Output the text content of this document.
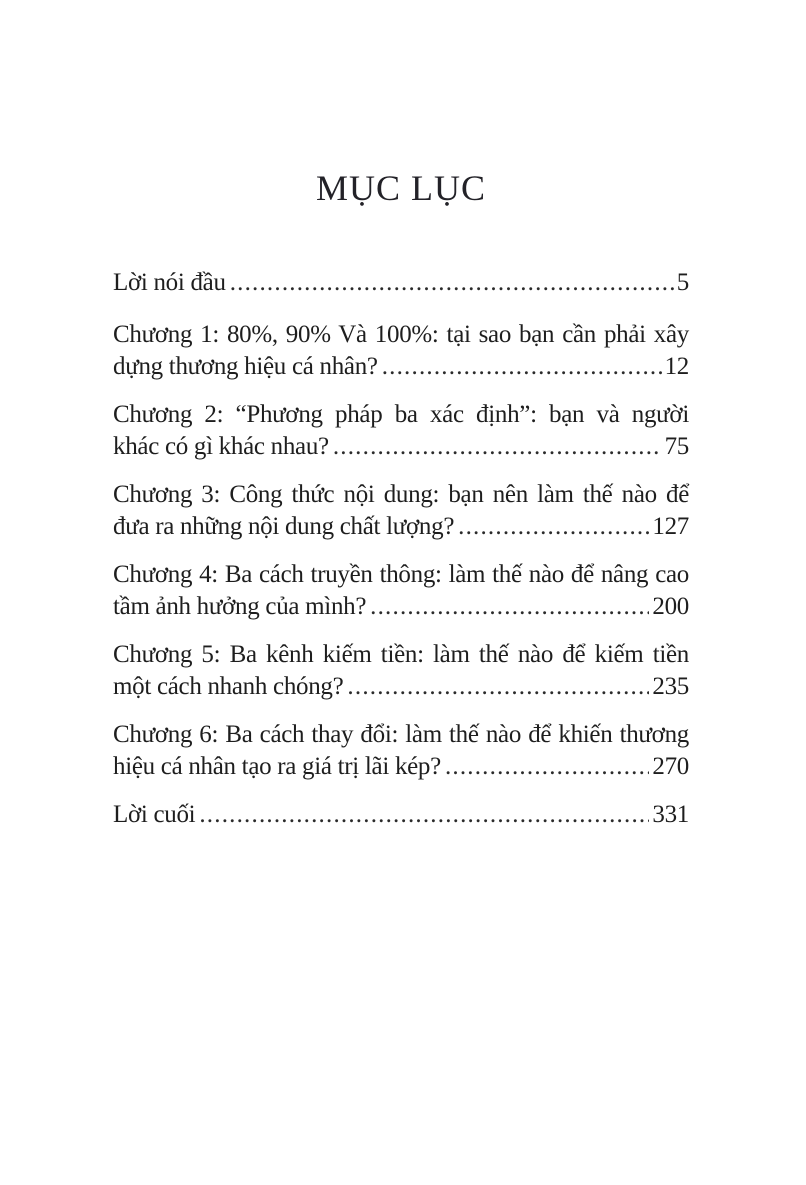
MỤC LỤC
Lời nói đầu .....	5
Chương 1: 80%, 90% Và 100%: tại sao bạn cần phải xây
dựng thương hiệu cá nhân? .....	12
Chương 2: “Phương pháp ba xác định”: bạn và người
khác có gì khác nhau? .....	75
Chương 3: Công thức nội dung: bạn nên làm thế nào để
đưa ra những nội dung chất lượng? .....	127
Chương 4: Ba cách truyền thông: làm thế nào để nâng cao
tầm ảnh hưởng của mình? .....	200
Chương 5: Ba kênh kiếm tiền: làm thế nào để kiếm tiền
một cách nhanh chóng? .....	235
Chương 6: Ba cách thay đổi: làm thế nào để khiến thương
hiệu cá nhân tạo ra giá trị lãi kép? .....	270
Lời cuối .....	331
